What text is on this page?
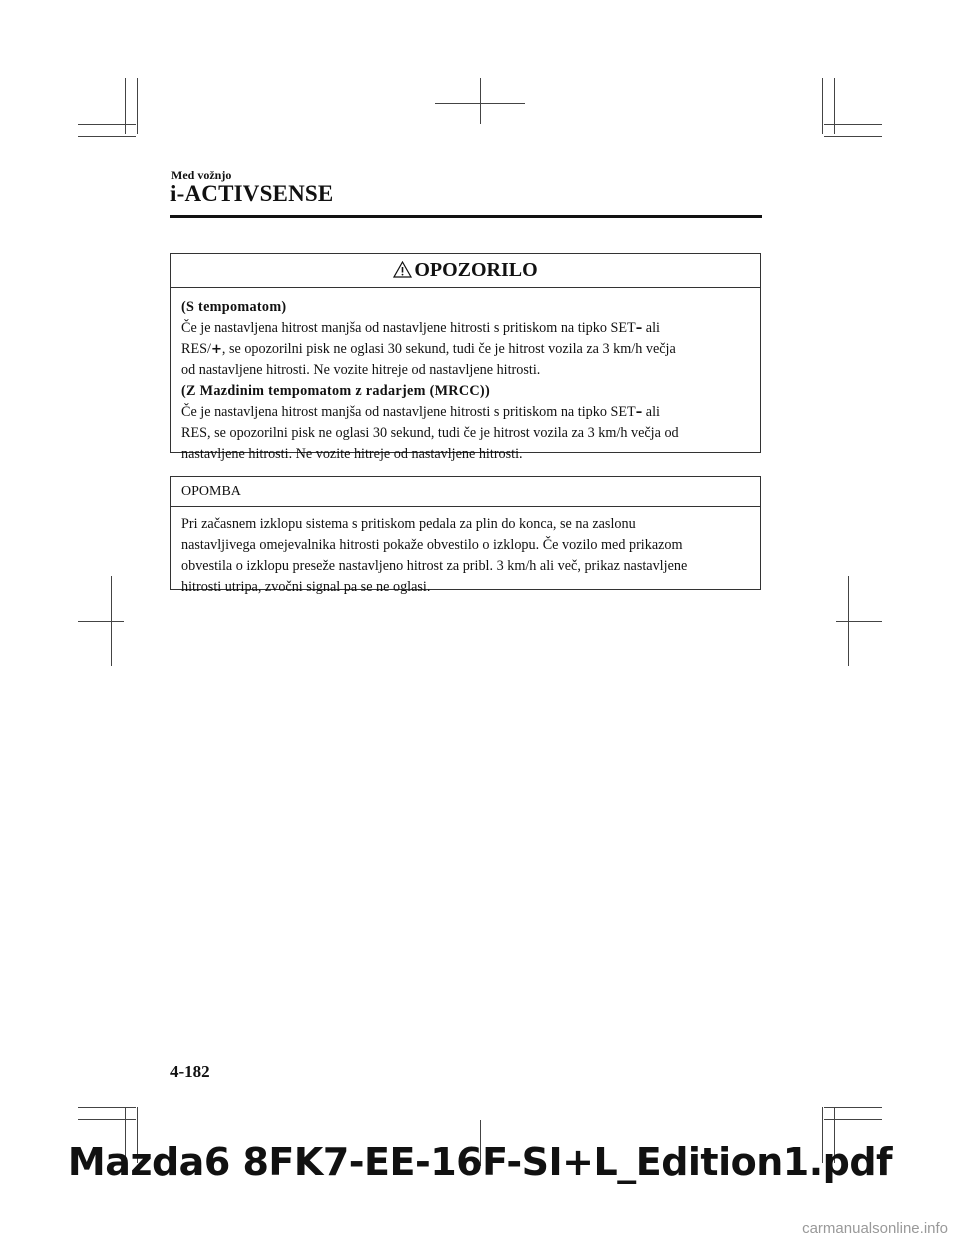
Med vožnjo
i-ACTIVSENSE
OPOZORILO
(S tempomatom)
Če je nastavljena hitrost manjša od nastavljene hitrosti s pritiskom na tipko SET– ali
RES/+, se opozorilni pisk ne oglasi 30 sekund, tudi če je hitrost vozila za 3 km/h večja
od nastavljene hitrosti. Ne vozite hitreje od nastavljene hitrosti.
(Z Mazdinim tempomatom z radarjem (MRCC))
Če je nastavljena hitrost manjša od nastavljene hitrosti s pritiskom na tipko SET– ali
RES, se opozorilni pisk ne oglasi 30 sekund, tudi če je hitrost vozila za 3 km/h večja od
nastavljene hitrosti. Ne vozite hitreje od nastavljene hitrosti.
OPOMBA
Pri začasnem izklopu sistema s pritiskom pedala za plin do konca, se na zaslonu
nastavljivega omejevalnika hitrosti pokaže obvestilo o izklopu. Če vozilo med prikazom
obvestila o izklopu preseže nastavljeno hitrost za pribl. 3 km/h ali več, prikaz nastavljene
hitrosti utripa, zvočni signal pa se ne oglasi.
4-182
Mazda6 8FK7-EE-16F-SI+L_Edition1.pdf
carmanualsonline.info
